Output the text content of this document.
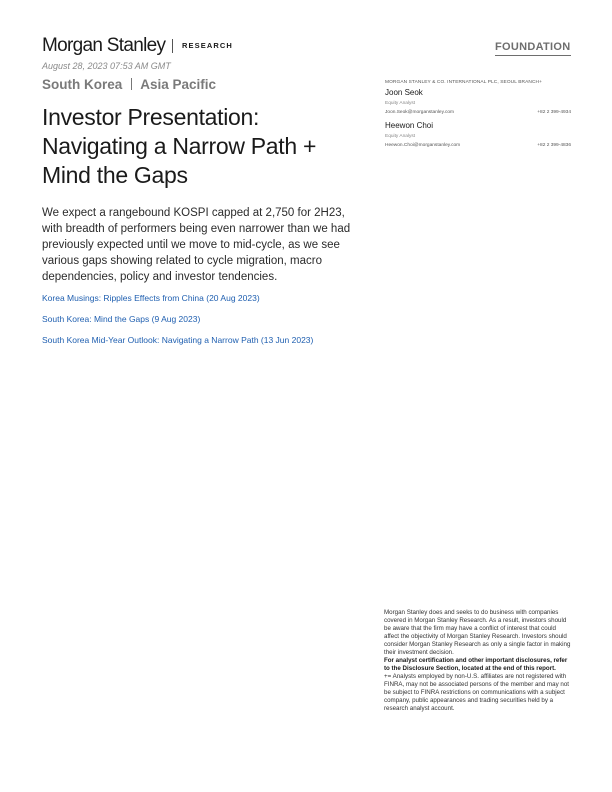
Morgan Stanley RESEARCH	FOUNDATION
August 28, 2023 07:53 AM GMT
South Korea Asia Pacific
Investor Presentation: Navigating a Narrow Path + Mind the Gaps

We expect a rangebound KOSPI capped at 2,750 for 2H23, with breadth of performers being even narrower than we had previously expected until we move to mid-cycle, as we see various gaps showing related to cycle migration, macro dependencies, policy and investor tendencies.

Korea Musings: Ripples Effects from China (20 Aug 2023)
South Korea: Mind the Gaps (9 Aug 2023)
South Korea Mid-Year Outlook: Navigating a Narrow Path (13 Jun 2023)
MORGAN STANLEY & CO. INTERNATIONAL PLC, SEOUL BRANCH+
Joon Seok
Equity Analyst
Joon.Seok@morganstanley.com	+82 2 399-4934
Heewon Choi
Equity Analyst
Heewon.Choi@morganstanley.com	+82 2 399-4836

Morgan Stanley does and seeks to do business with companies covered in Morgan Stanley Research. As a result, investors should be aware that the firm may have a conflict of interest that could affect the objectivity of Morgan Stanley Research. Investors should consider Morgan Stanley Research as only a single factor in making their investment decision.

For analyst certification and other important disclosures, refer to the Disclosure Section, located at the end of this report.

+= Analysts employed by non-U.S. affiliates are not registered with FINRA, may not be associated persons of the member and may not be subject to FINRA restrictions on communications with a subject company, public appearances and trading securities held by a research analyst account.
